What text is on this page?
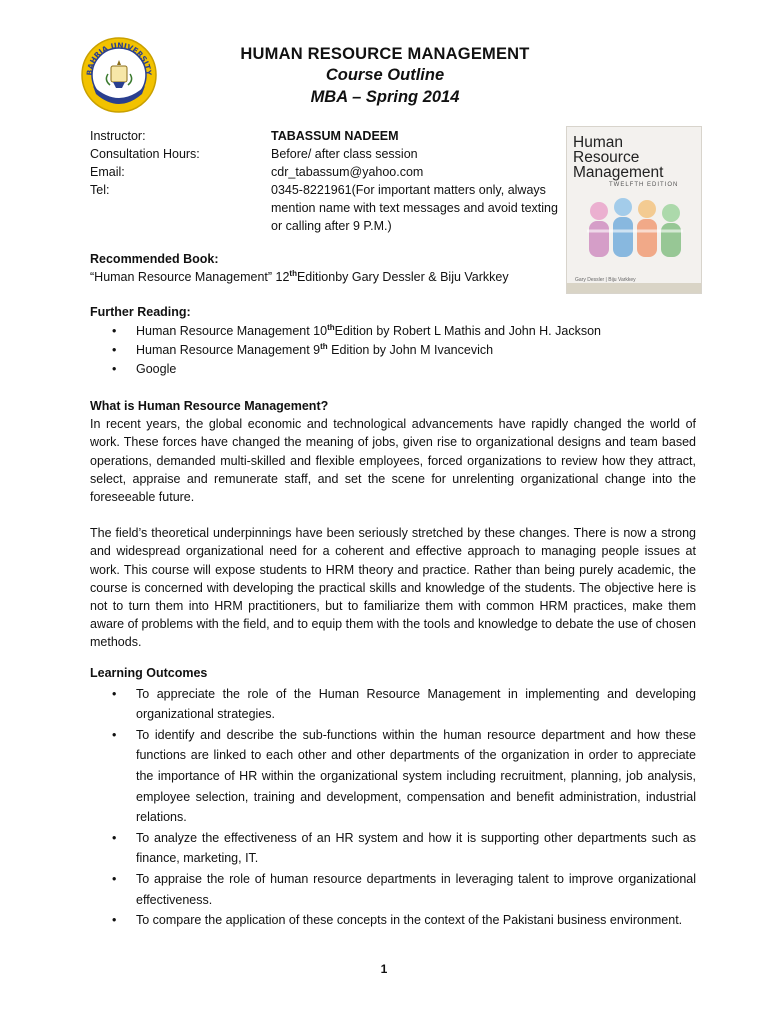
BAHRIA UNIVERSITY
HUMAN RESOURCE MANAGEMENT
Course Outline
MBA – Spring 2014
Instructor:	TABASSUM NADEEM
Consultation Hours:	Before/ after class session
Email:	cdr_tabassum@yahoo.com
Tel:	0345-8221961(For important matters only, always mention name with text messages and avoid texting or calling after 9 P.M.)
Human Resource Management
TWELFTH EDITION
Gary Dessler | Biju Varkkey
Recommended Book:
“Human Resource Management” 12thEditionby Gary Dessler & Biju Varkkey
Further Reading:
• Human Resource Management 10thEdition by Robert L Mathis and John H. Jackson
• Human Resource Management 9th Edition by John M Ivancevich
• Google
What is Human Resource Management?
In recent years, the global economic and technological advancements have rapidly changed the world of work. These forces have changed the meaning of jobs, given rise to organizational designs and team based operations, demanded multi-skilled and flexible employees, forced organizations to review how they attract, select, appraise and remunerate staff, and set the scene for unrelenting organizational change into the foreseeable future.
The field’s theoretical underpinnings have been seriously stretched by these changes. There is now a strong and widespread organizational need for a coherent and effective approach to managing people issues at work. This course will expose students to HRM theory and practice. Rather than being purely academic, the course is concerned with developing the practical skills and knowledge of the students. The objective here is not to turn them into HRM practitioners, but to familiarize them with common HRM practices, make them aware of problems with the field, and to equip them with the tools and knowledge to debate the use of chosen methods.
Learning Outcomes
• To appreciate the role of the Human Resource Management in implementing and developing organizational strategies.
• To identify and describe the sub-functions within the human resource department and how these functions are linked to each other and other departments of the organization in order to appreciate the importance of HR within the organizational system including recruitment, planning, job analysis, employee selection, training and development, compensation and benefit administration, industrial relations.
• To analyze the effectiveness of an HR system and how it is supporting other departments such as finance, marketing, IT.
• To appraise the role of human resource departments in leveraging talent to improve organizational effectiveness.
• To compare the application of these concepts in the context of the Pakistani business environment.
1
